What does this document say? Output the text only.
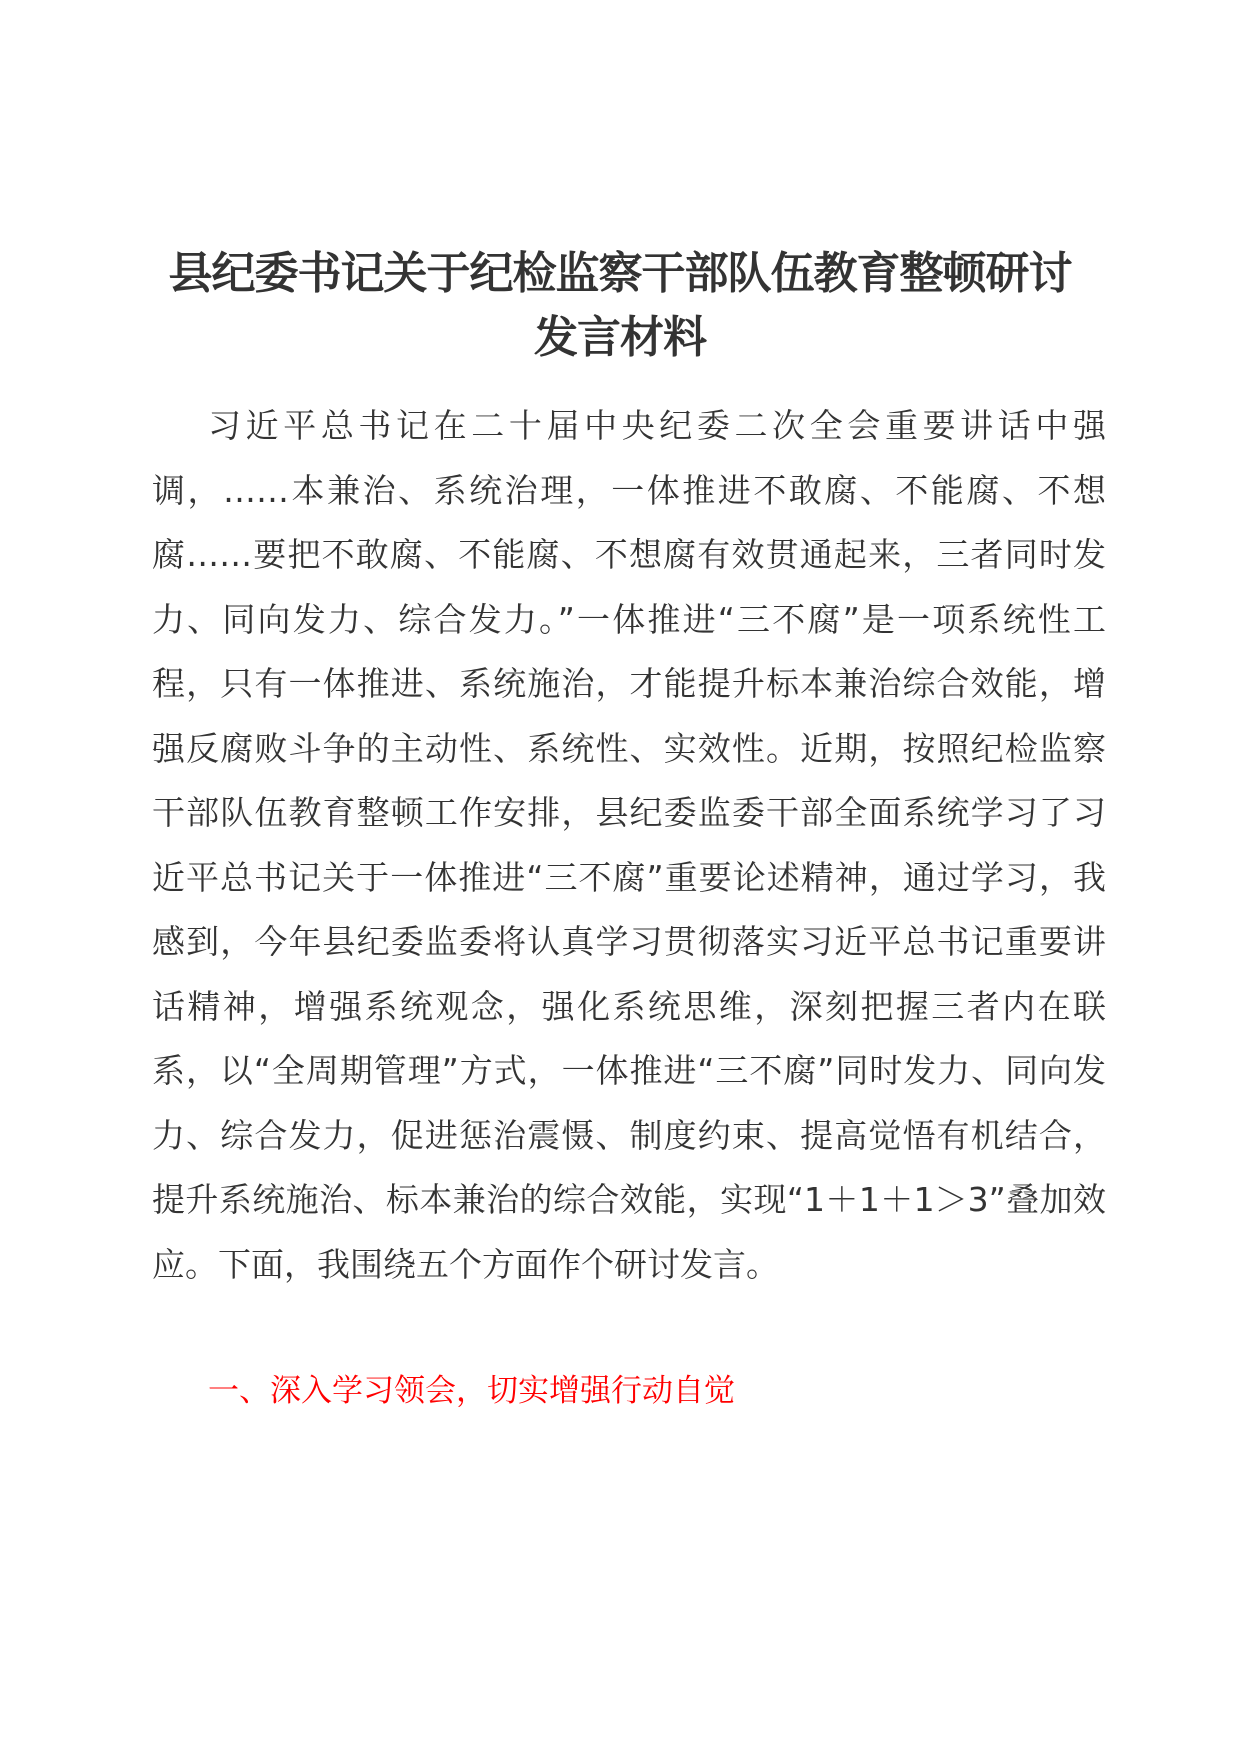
县纪委书记关于纪检监察干部队伍教育整顿研讨发言材料

习近平总书记在二十届中央纪委二次全会重要讲话中强调，……本兼治、系统治理，一体推进不敢腐、不能腐、不想腐……要把不敢腐、不能腐、不想腐有效贯通起来，三者同时发力、同向发力、综合发力。”一体推进“三不腐”是一项系统性工程，只有一体推进、系统施治，才能提升标本兼治综合效能，增强反腐败斗争的主动性、系统性、实效性。近期，按照纪检监察干部队伍教育整顿工作安排，县纪委监委干部全面系统学习了习近平总书记关于一体推进“三不腐”重要论述精神，通过学习，我感到，今年县纪委监委将认真学习贯彻落实习近平总书记重要讲话精神，增强系统观念，强化系统思维，深刻把握三者内在联系，以“全周期管理”方式，一体推进“三不腐”同时发力、同向发力、综合发力，促进惩治震慑、制度约束、提高觉悟有机结合，提升系统施治、标本兼治的综合效能，实现“1＋1＋1＞3”叠加效应。下面，我围绕五个方面作个研讨发言。

一、深入学习领会，切实增强行动自觉
